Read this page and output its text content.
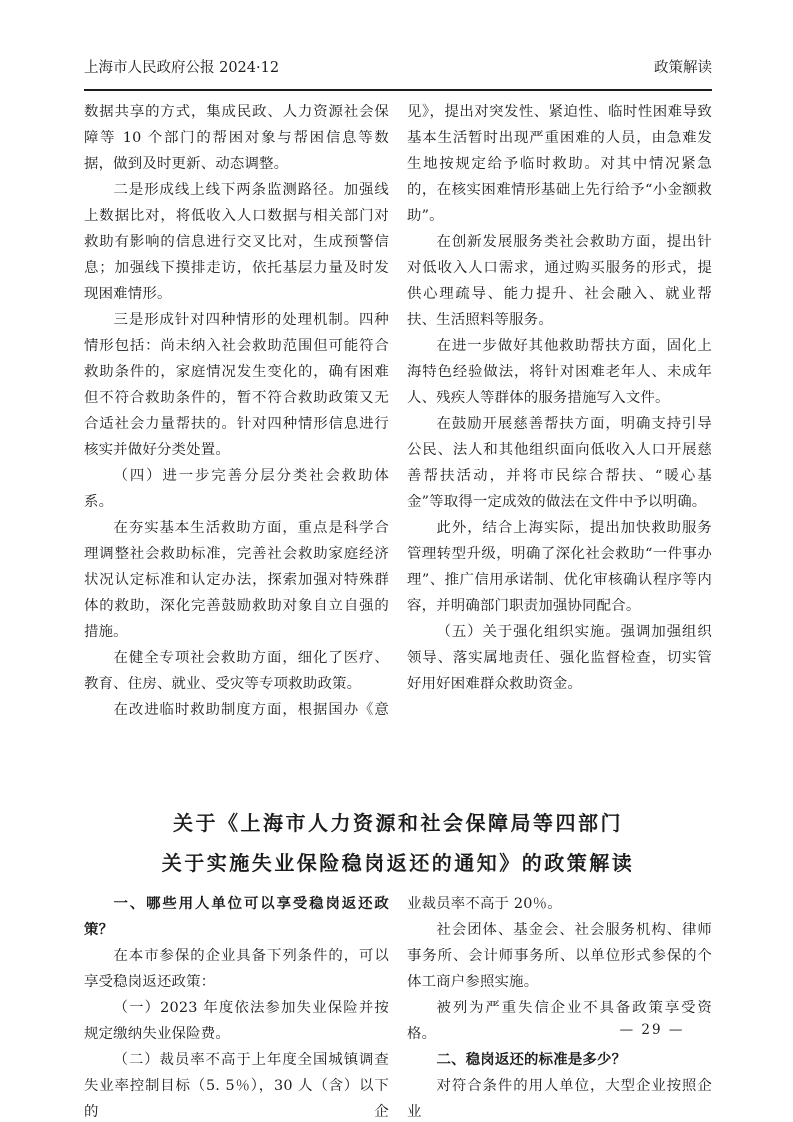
上海市人民政府公报 2024·12	政策解读

数据共享的方式，集成民政、人力资源社会保障等 10 个部门的帮困对象与帮困信息等数据，做到及时更新、动态调整。

二是形成线上线下两条监测路径。加强线上数据比对，将低收入人口数据与相关部门对救助有影响的信息进行交叉比对，生成预警信息；加强线下摸排走访，依托基层力量及时发现困难情形。

三是形成针对四种情形的处理机制。四种情形包括：尚未纳入社会救助范围但可能符合救助条件的，家庭情况发生变化的，确有困难但不符合救助条件的，暂不符合救助政策又无合适社会力量帮扶的。针对四种情形信息进行核实并做好分类处置。

（四）进一步完善分层分类社会救助体系。

在夯实基本生活救助方面，重点是科学合理调整社会救助标准，完善社会救助家庭经济状况认定标准和认定办法，探索加强对特殊群体的救助，深化完善鼓励救助对象自立自强的措施。

在健全专项社会救助方面，细化了医疗、教育、住房、就业、受灾等专项救助政策。

在改进临时救助制度方面，根据国办《意

见》，提出对突发性、紧迫性、临时性困难导致基本生活暂时出现严重困难的人员，由急难发生地按规定给予临时救助。对其中情况紧急的，在核实困难情形基础上先行给予“小金额救助”。

在创新发展服务类社会救助方面，提出针对低收入人口需求，通过购买服务的形式，提供心理疏导、能力提升、社会融入、就业帮扶、生活照料等服务。

在进一步做好其他救助帮扶方面，固化上海特色经验做法，将针对困难老年人、未成年人、残疾人等群体的服务措施写入文件。

在鼓励开展慈善帮扶方面，明确支持引导公民、法人和其他组织面向低收入人口开展慈善帮扶活动，并将市民综合帮扶、“暖心基金”等取得一定成效的做法在文件中予以明确。

此外，结合上海实际，提出加快救助服务管理转型升级，明确了深化社会救助“一件事办理”、推广信用承诺制、优化审核确认程序等内容，并明确部门职责加强协同配合。

（五）关于强化组织实施。强调加强组织领导、落实属地责任、强化监督检查，切实管好用好困难群众救助资金。

关于《上海市人力资源和社会保障局等四部门
关于实施失业保险稳岗返还的通知》的政策解读

一、哪些用人单位可以享受稳岗返还政策？

在本市参保的企业具备下列条件的，可以享受稳岗返还政策：

（一）2023 年度依法参加失业保险并按规定缴纳失业保险费。

（二）裁员率不高于上年度全国城镇调查失业率控制目标（5. 5％），30 人（含）以下的企

业裁员率不高于 20％。

社会团体、基金会、社会服务机构、律师事务所、会计师事务所、以单位形式参保的个体工商户参照实施。

被列为严重失信企业不具备政策享受资格。

二、稳岗返还的标准是多少？

对符合条件的用人单位，大型企业按照企业

— 29 —
